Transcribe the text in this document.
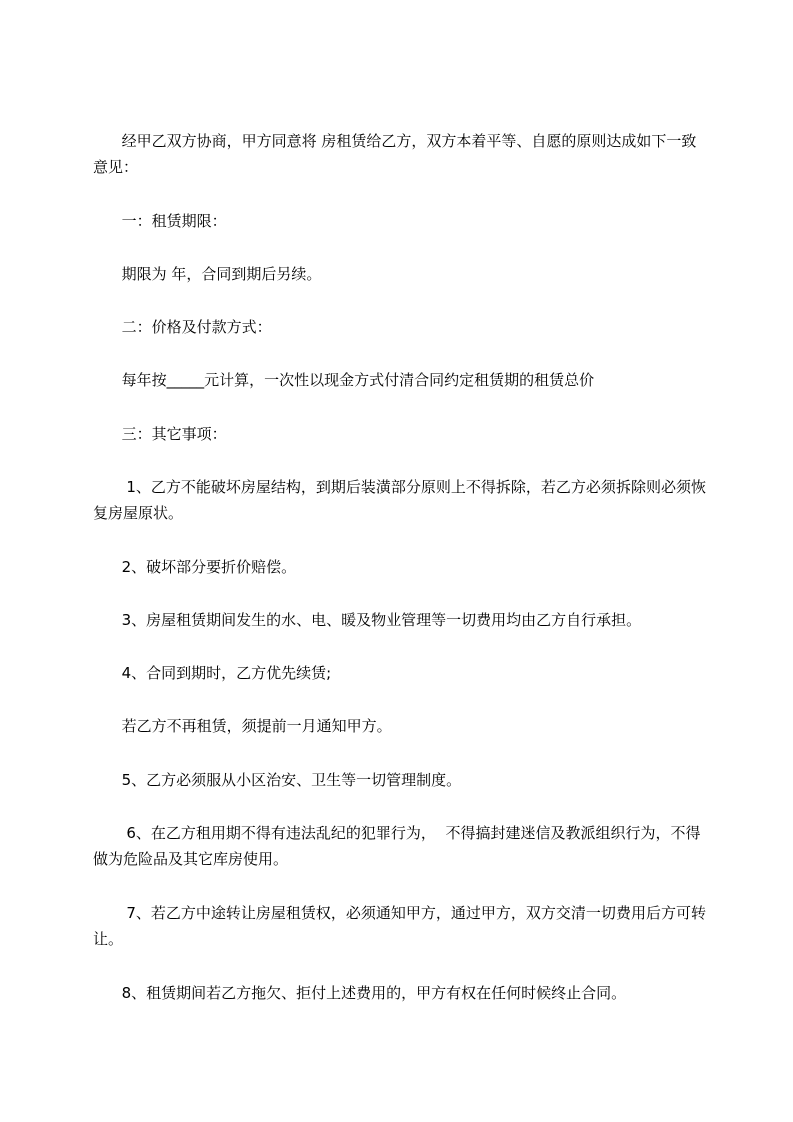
经甲乙双方协商，甲方同意将 房租赁给乙方，双方本着平等、自愿的原则达成如下一致意见：

一：租赁期限：

期限为 年，合同到期后另续。

二：价格及付款方式：

每年按_____元计算，一次性以现金方式付清合同约定租赁期的租赁总价

三：其它事项：

1、乙方不能破坏房屋结构，到期后装潢部分原则上不得拆除，若乙方必须拆除则必须恢复房屋原状。

2、破坏部分要折价赔偿。

3、房屋租赁期间发生的水、电、暖及物业管理等一切费用均由乙方自行承担。

4、合同到期时，乙方优先续赁;

若乙方不再租赁，须提前一月通知甲方。

5、乙方必须服从小区治安、卫生等一切管理制度。

6、在乙方租用期不得有违法乱纪的犯罪行为，  不得搞封建迷信及教派组织行为，不得做为危险品及其它库房使用。

7、若乙方中途转让房屋租赁权，必须通知甲方，通过甲方，双方交清一切费用后方可转让。

8、租赁期间若乙方拖欠、拒付上述费用的，甲方有权在任何时候终止合同。
